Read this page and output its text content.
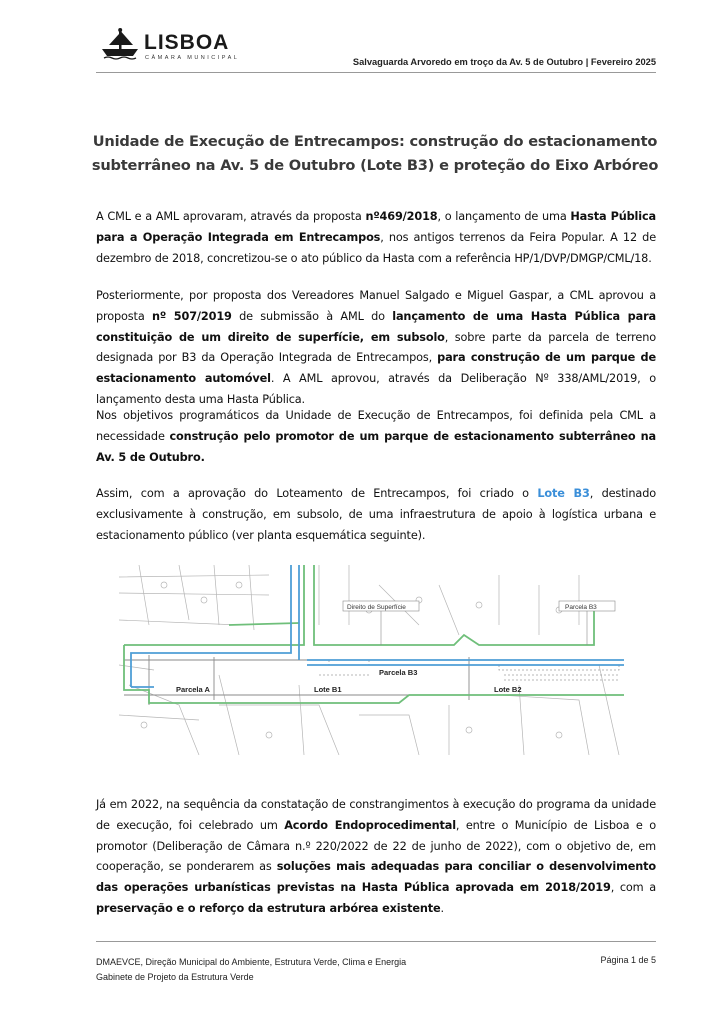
LISBOA
CÂMARA MUNICIPAL	Salvaguarda Arvoredo em troço da Av. 5 de Outubro | Fevereiro 2025
Unidade de Execução de Entrecampos: construção do estacionamento
subterrâneo na Av. 5 de Outubro (Lote B3) e proteção do Eixo Arbóreo
A CML e a AML aprovaram, através da proposta nº469/2018, o lançamento de uma Hasta Pública para a Operação Integrada em Entrecampos, nos antigos terrenos da Feira Popular. A 12 de dezembro de 2018, concretizou-se o ato público da Hasta com a referência HP/1/DVP/DMGP/CML/18.
Posteriormente, por proposta dos Vereadores Manuel Salgado e Miguel Gaspar, a CML aprovou a proposta nº 507/2019 de submissão à AML do lançamento de uma Hasta Pública para constituição de um direito de superfície, em subsolo, sobre parte da parcela de terreno designada por B3 da Operação Integrada de Entrecampos, para construção de um parque de estacionamento automóvel. A AML aprovou, através da Deliberação Nº 338/AML/2019, o lançamento desta uma Hasta Pública.
Nos objetivos programáticos da Unidade de Execução de Entrecampos, foi definida pela CML a necessidade construção pelo promotor de um parque de estacionamento subterrâneo na Av. 5 de Outubro.
Assim, com a aprovação do Loteamento de Entrecampos, foi criado o Lote B3, destinado exclusivamente à construção, em subsolo, de uma infraestrutura de apoio à logística urbana e estacionamento público (ver planta esquemática seguinte).
Direito de Superfície	Parcela B3
Parcela B3
Parcela A	Lote B1	Lote B2
Já em 2022, na sequência da constatação de constrangimentos à execução do programa da unidade de execução, foi celebrado um Acordo Endoprocedimental, entre o Município de Lisboa e o promotor (Deliberação de Câmara n.º 220/2022 de 22 de junho de 2022), com o objetivo de, em cooperação, se ponderarem as soluções mais adequadas para conciliar o desenvolvimento das operações urbanísticas previstas na Hasta Pública aprovada em 2018/2019, com a preservação e o reforço da estrutura arbórea existente.
DMAEVCE, Direção Municipal do Ambiente, Estrutura Verde, Clima e Energia
Gabinete de Projeto da Estrutura Verde
Página 1 de 5
